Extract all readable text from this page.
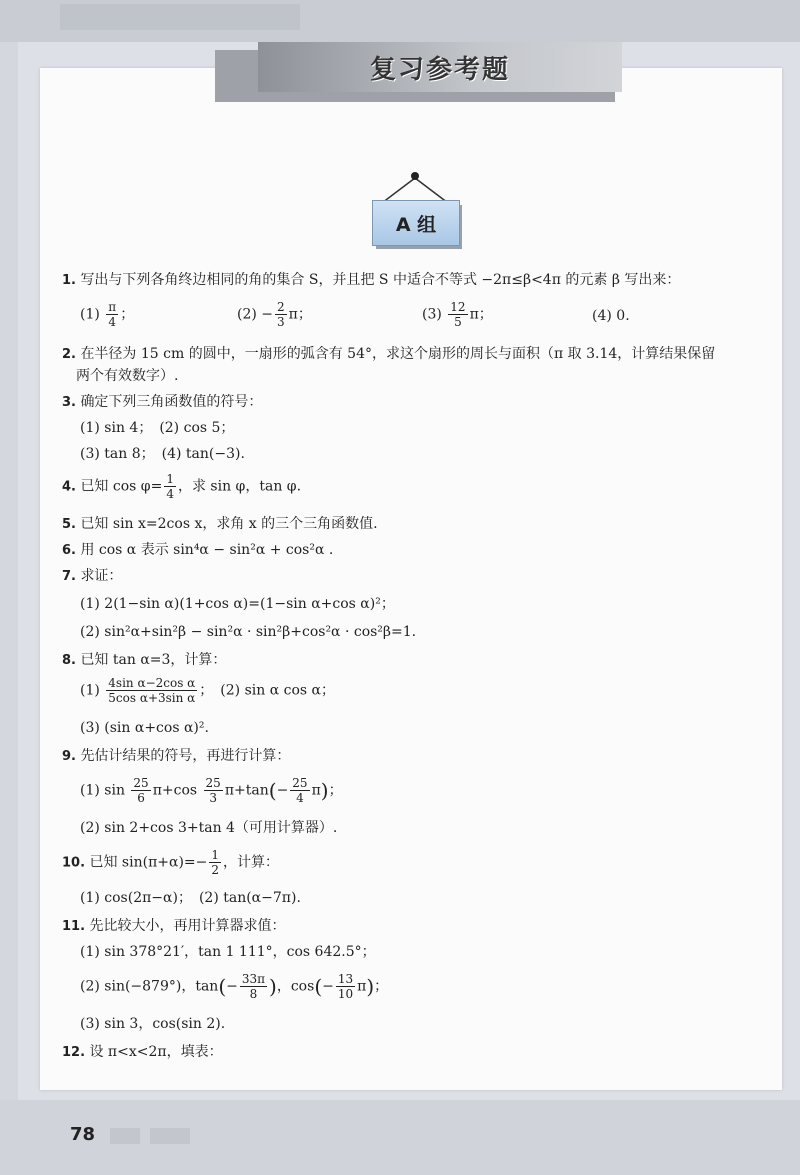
复习参考题
A 组
1. 写出与下列各角终边相同的角的集合 S，并且把 S 中适合不等式 −2π≤β<4π 的元素 β 写出来：
$(1) \frac{\pi}{4}$ ；	$(2) - \frac{2}{3}$ π；	$(3) \frac{12}{5}$ π；	(4) 0.
2. 在半径为 15 cm 的圆中，一扇形的弧含有 54°，求这个扇形的周长与面积（π 取 3.14，计算结果保留
两个有效数字）.
3. 确定下列三角函数值的符号：
(1) sin 4；　(2) cos 5；
(3) tan 8；　(4) tan(−3).
4. 已知 $\cos \varphi= \frac{1}{4}$ ，求 sin φ，tan φ.
5. 已知 sin x=2cos x，求角 x 的三个三角函数值.
6. 用 cos α 表示 sin⁴α − sin²α + cos²α .
7. 求证：
(1) 2(1−sin α)(1+cos α)=(1−sin α+cos α)²；
(2) sin²α+sin²β − sin²α · sin²β+cos²α · cos²β=1.
8. 已知 tan α=3，计算：
$(1) \frac{\text{4sin α−2cos α}}{\text{5cos α+3sin α}}$ ；　(2) sin α cos α；
(3) (sin α+cos α)².
9. 先估计结果的符号，再进行计算：
(1) $\sin \frac{25}{6} \pi+\cos \frac{25}{3} \pi+\tan(- \frac{25}{4} \pi)$；
(2) sin 2+cos 3+tan 4（可用计算器）.
10. 已知 $\sin(\pi+\alpha)=- \frac{1}{2}$ ，计算：
(1) cos(2π−α)；　(2) tan(α−7π).
11. 先比较大小，再用计算器求值：
(1) sin 378°21′，tan 1 111°，cos 642.5°；
(2) sin(−879°)，$\tan(- \frac{33\pi}{8}$ )，$\cos(- \frac{13}{10} \pi)$；
(3) sin 3，cos(sin 2).
12. 设 π<x<2π，填表：
78
